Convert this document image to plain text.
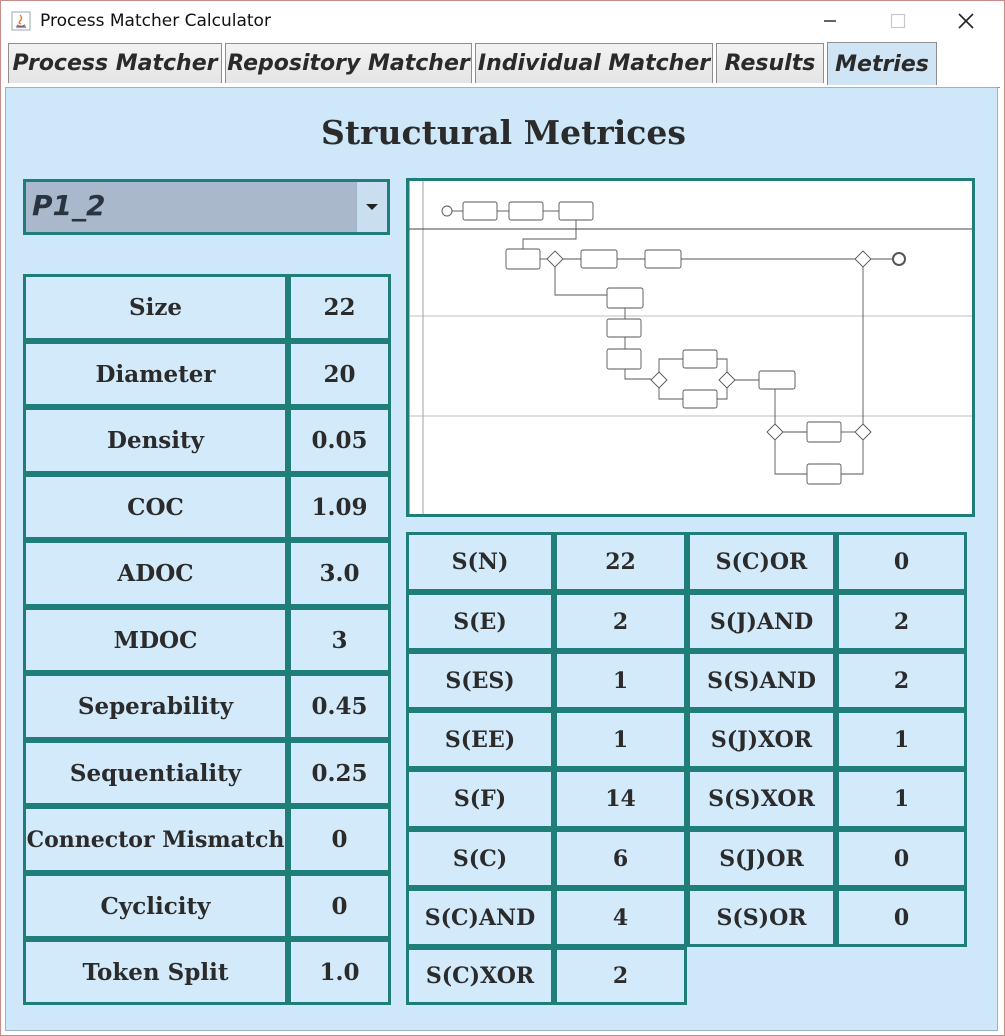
Process Matcher Calculator
Process Matcher Repository Matcher Individual Matcher Results Metries
Structural Metrices
P1_2
Size	22
Diameter	20
Density	0.05
COC	1.09
ADOC	3.0
MDOC	3
Seperability	0.45
Sequentiality	0.25
Connector Mismatch	0
Cyclicity	0
Token Split	1.0
S(N)	22	S(C)OR	0
S(E)	2	S(J)AND	2
S(ES)	1	S(S)AND	2
S(EE)	1	S(J)XOR	1
S(F)	14	S(S)XOR	1
S(C)	6	S(J)OR	0
S(C)AND	4	S(S)OR	0
S(C)XOR	2
